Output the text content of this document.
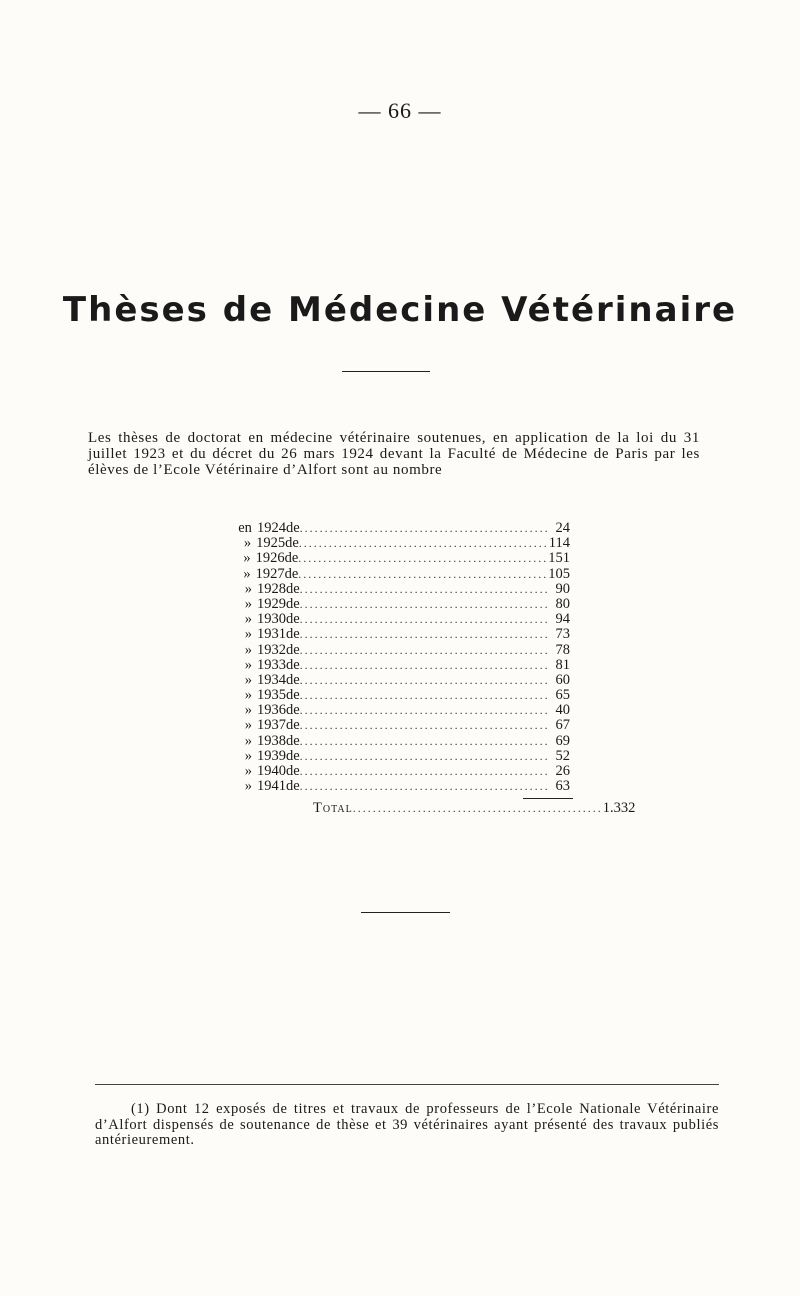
— 66 —
Thèses de Médecine Vétérinaire
Les thèses de doctorat en médecine vétérinaire soutenues, en application de la loi du 31 juillet 1923 et du décret du 26 mars 1924 devant la Faculté de Médecine de Paris par les élèves de l’Ecole Vétérinaire d’Alfort sont au nombre
en 1924 de .................................................. 24
» 1925 de .................................................. 114
» 1926 de .................................................. 151
» 1927 de .................................................. 105
» 1928 de .................................................. 90
» 1929 de .................................................. 80
» 1930 de .................................................. 94
» 1931 de .................................................. 73
» 1932 de .................................................. 78
» 1933 de .................................................. 81
» 1934 de .................................................. 60
» 1935 de .................................................. 65
» 1936 de .................................................. 40
» 1937 de .................................................. 67
» 1938 de .................................................. 69
» 1939 de .................................................. 52
» 1940 de .................................................. 26
» 1941 de .................................................. 63
Total .................................................. 1.332
(1) Dont 12 exposés de titres et travaux de professeurs de l’Ecole Nationale Vétérinaire d’Alfort dispensés de soutenance de thèse et 39 vétérinaires ayant présenté des travaux publiés antérieurement.
